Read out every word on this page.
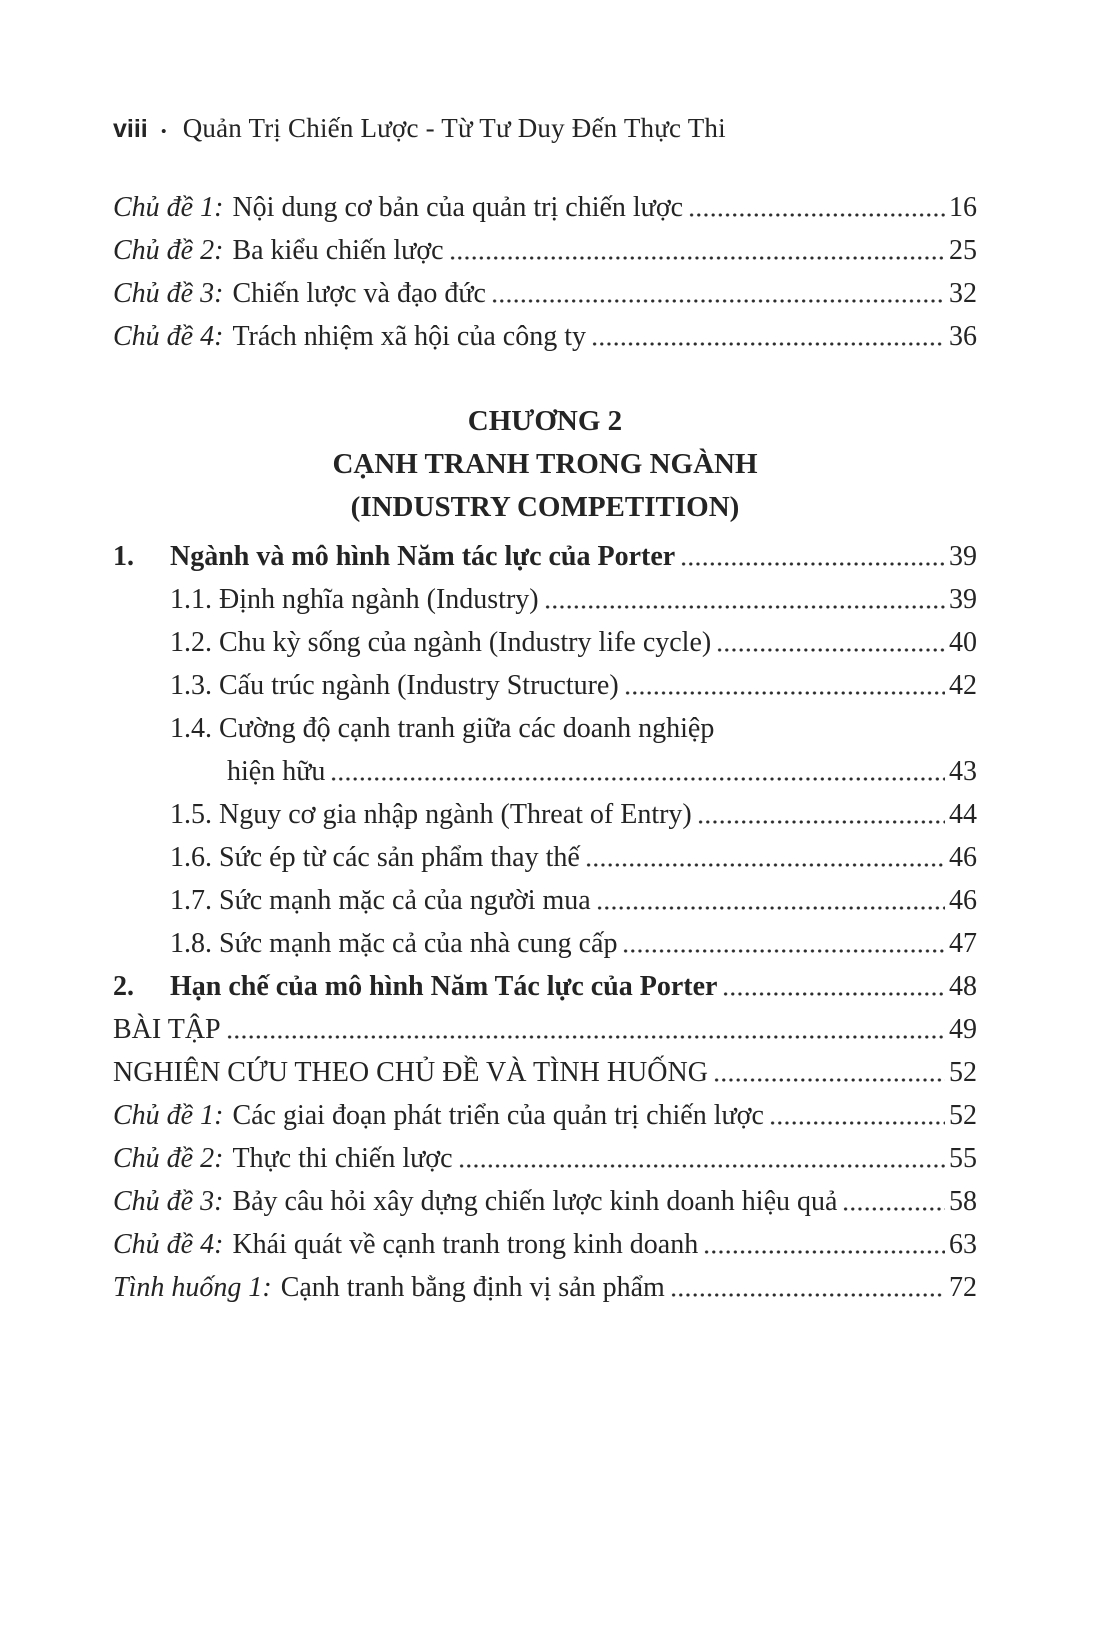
viii • Quản Trị Chiến Lược - Từ Tư Duy Đến Thực Thi
Chủ đề 1: Nội dung cơ bản của quản trị chiến lược	16
Chủ đề 2: Ba kiểu chiến lược	25
Chủ đề 3: Chiến lược và đạo đức	32
Chủ đề 4: Trách nhiệm xã hội của công ty	36
CHƯƠNG 2
CẠNH TRANH TRONG NGÀNH
(INDUSTRY COMPETITION)
1.	Ngành và mô hình Năm tác lực của Porter	39
1.1. Định nghĩa ngành (Industry)	39
1.2. Chu kỳ sống của ngành (Industry life cycle)	40
1.3. Cấu trúc ngành (Industry Structure)	42
1.4. Cường độ cạnh tranh giữa các doanh nghiệp
hiện hữu	43
1.5. Nguy cơ gia nhập ngành (Threat of Entry)	44
1.6. Sức ép từ các sản phẩm thay thế	46
1.7. Sức mạnh mặc cả của người mua	46
1.8. Sức mạnh mặc cả của nhà cung cấp	47
2.	Hạn chế của mô hình Năm Tác lực của Porter	48
BÀI TẬP	49
NGHIÊN CỨU THEO CHỦ ĐỀ VÀ TÌNH HUỐNG	52
Chủ đề 1: Các giai đoạn phát triển của quản trị chiến lược	52
Chủ đề 2: Thực thi chiến lược	55
Chủ đề 3: Bảy câu hỏi xây dựng chiến lược kinh doanh hiệu quả	58
Chủ đề 4: Khái quát về cạnh tranh trong kinh doanh	63
Tình huống 1: Cạnh tranh bằng định vị sản phẩm	72
